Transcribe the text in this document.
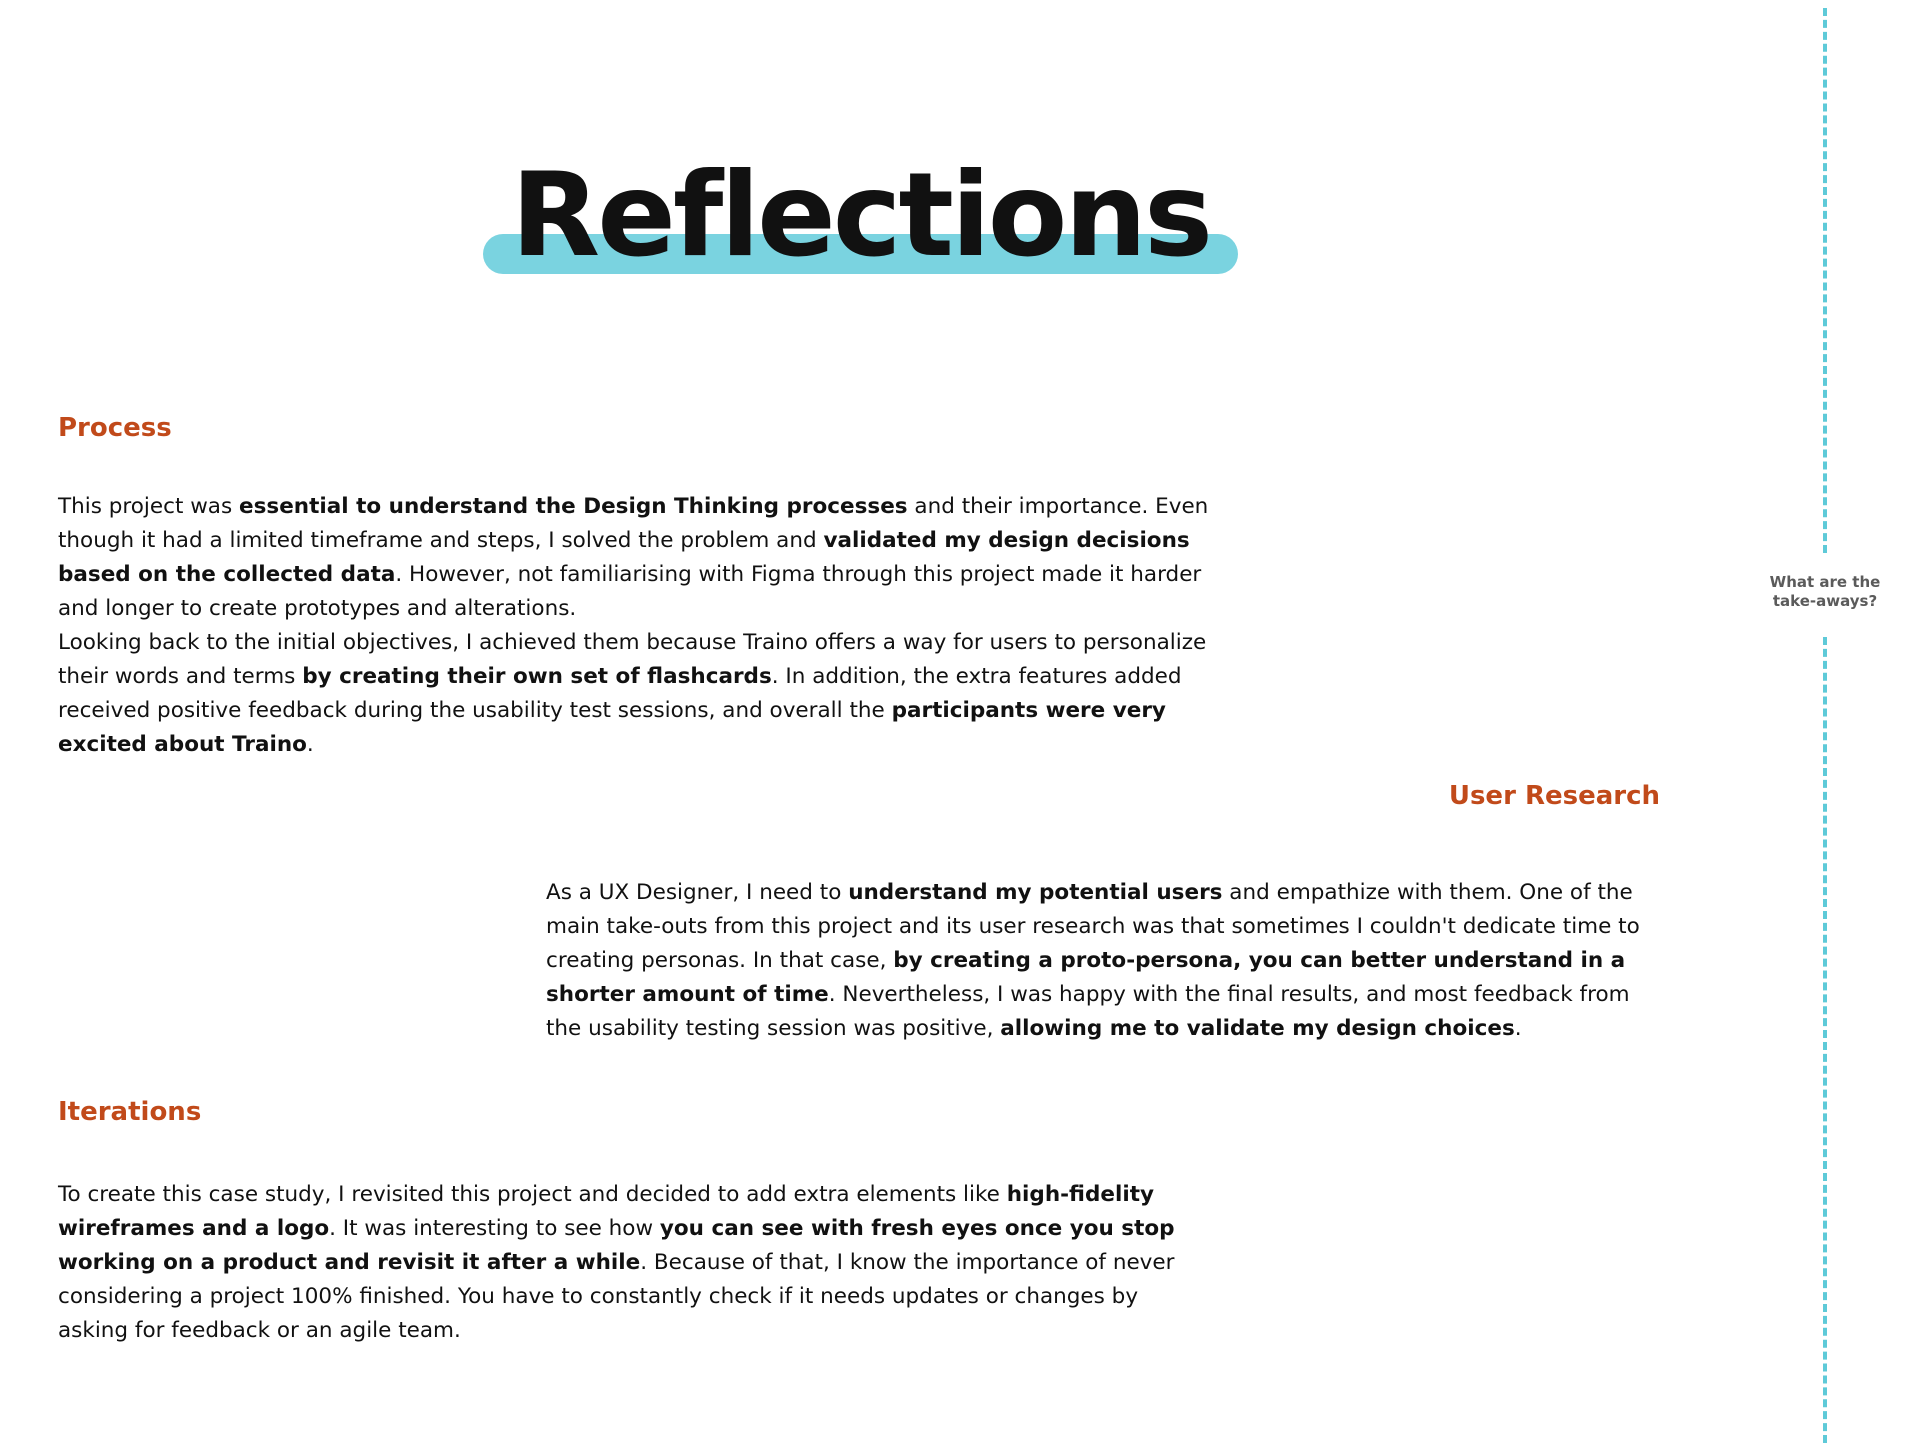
Reflections
Process

This project was essential to understand the Design Thinking processes and their importance. Even though it had a limited timeframe and steps, I solved the problem and validated my design decisions based on the collected data. However, not familiarising with Figma through this project made it harder and longer to create prototypes and alterations.

Looking back to the initial objectives, I achieved them because Traino offers a way for users to personalize their words and terms by creating their own set of flashcards. In addition, the extra features added received positive feedback during the usability test sessions, and overall the participants were very excited about Traino.

User Research

As a UX Designer, I need to understand my potential users and empathize with them. One of the main take-outs from this project and its user research was that sometimes I couldn't dedicate time to creating personas. In that case, by creating a proto-persona, you can better understand in a shorter amount of time. Nevertheless, I was happy with the final results, and most feedback from the usability testing session was positive, allowing me to validate my design choices.

Iterations

To create this case study, I revisited this project and decided to add extra elements like high-fidelity wireframes and a logo. It was interesting to see how you can see with fresh eyes once you stop working on a product and revisit it after a while. Because of that, I know the importance of never considering a project 100% finished. You have to constantly check if it needs updates or changes by asking for feedback or an agile team.

What are the
take-aways?
